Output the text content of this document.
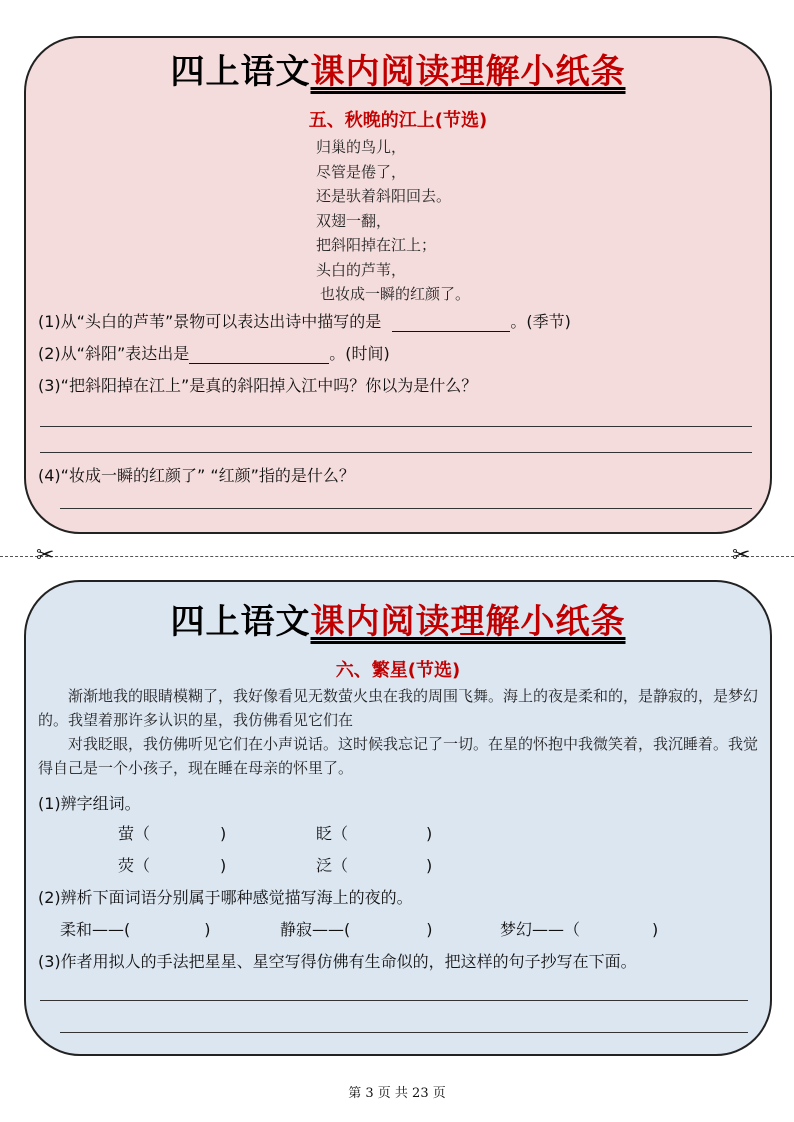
四上语文课内阅读理解小纸条
五、秋晚的江上(节选)
归巢的鸟儿，
尽管是倦了，
还是驮着斜阳回去。
双翅一翻，
把斜阳掉在江上；
头白的芦苇，
也妆成一瞬的红颜了。
(1)从“头白的芦苇”景物可以表达出诗中描写的是	。(季节)
(2)从“斜阳”表达出是	。(时间)
(3)“把斜阳掉在江上”是真的斜阳掉入江中吗？你以为是什么？
(4)“妆成一瞬的红颜了” “红颜”指的是什么？
✂	✂
四上语文课内阅读理解小纸条
六、繁星(节选)

渐渐地我的眼睛模糊了，我好像看见无数萤火虫在我的周围飞舞。海上的夜是柔和的，是静寂的，是梦幻的。我望着那许多认识的星，我仿佛看见它们在

对我眨眼，我仿佛听见它们在小声说话。这时候我忘记了一切。在星的怀抱中我微笑着，我沉睡着。我觉得自己是一个小孩子，现在睡在母亲的怀里了。

(1)辨字组词。
萤（	)	眨（	)
荧（	)	泛（	)
(2)辨析下面词语分别属于哪种感觉描写海上的夜的。
柔和——(	)	静寂——(	)	梦幻——（	)
(3)作者用拟人的手法把星星、星空写得仿佛有生命似的，把这样的句子抄写在下面。
第 3 页 共 23 页
